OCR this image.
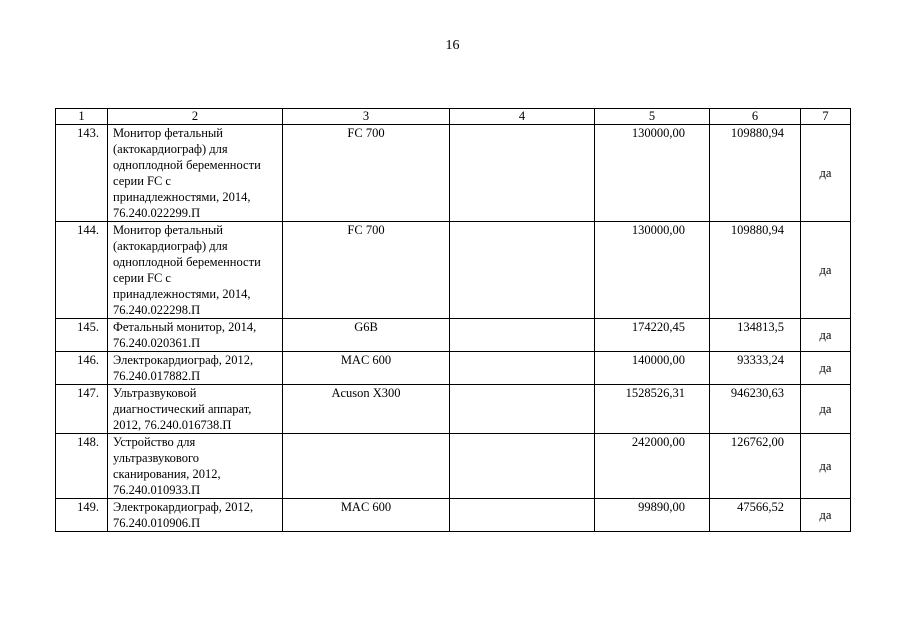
16
1	2	3	4	5	6	7
143.	Монитор фетальный (актокардиограф) для одноплодной беременности серии FC с принадлежностями, 2014, 76.240.022299.П	FC 700		130000,00	109880,94	да
144.	Монитор фетальный (актокардиограф) для одноплодной беременности серии FC с принадлежностями, 2014, 76.240.022298.П	FC 700		130000,00	109880,94	да
145.	Фетальный монитор, 2014, 76.240.020361.П	G6B		174220,45	134813,5	да
146.	Электрокардиограф, 2012, 76.240.017882.П	MAC 600		140000,00	93333,24	да
147.	Ультразвуковой диагностический аппарат, 2012, 76.240.016738.П	Acuson X300		1528526,31	946230,63	да
148.	Устройство для ультразвукового сканирования, 2012, 76.240.010933.П			242000,00	126762,00	да
149.	Электрокардиограф, 2012, 76.240.010906.П	MAC 600		99890,00	47566,52	да
